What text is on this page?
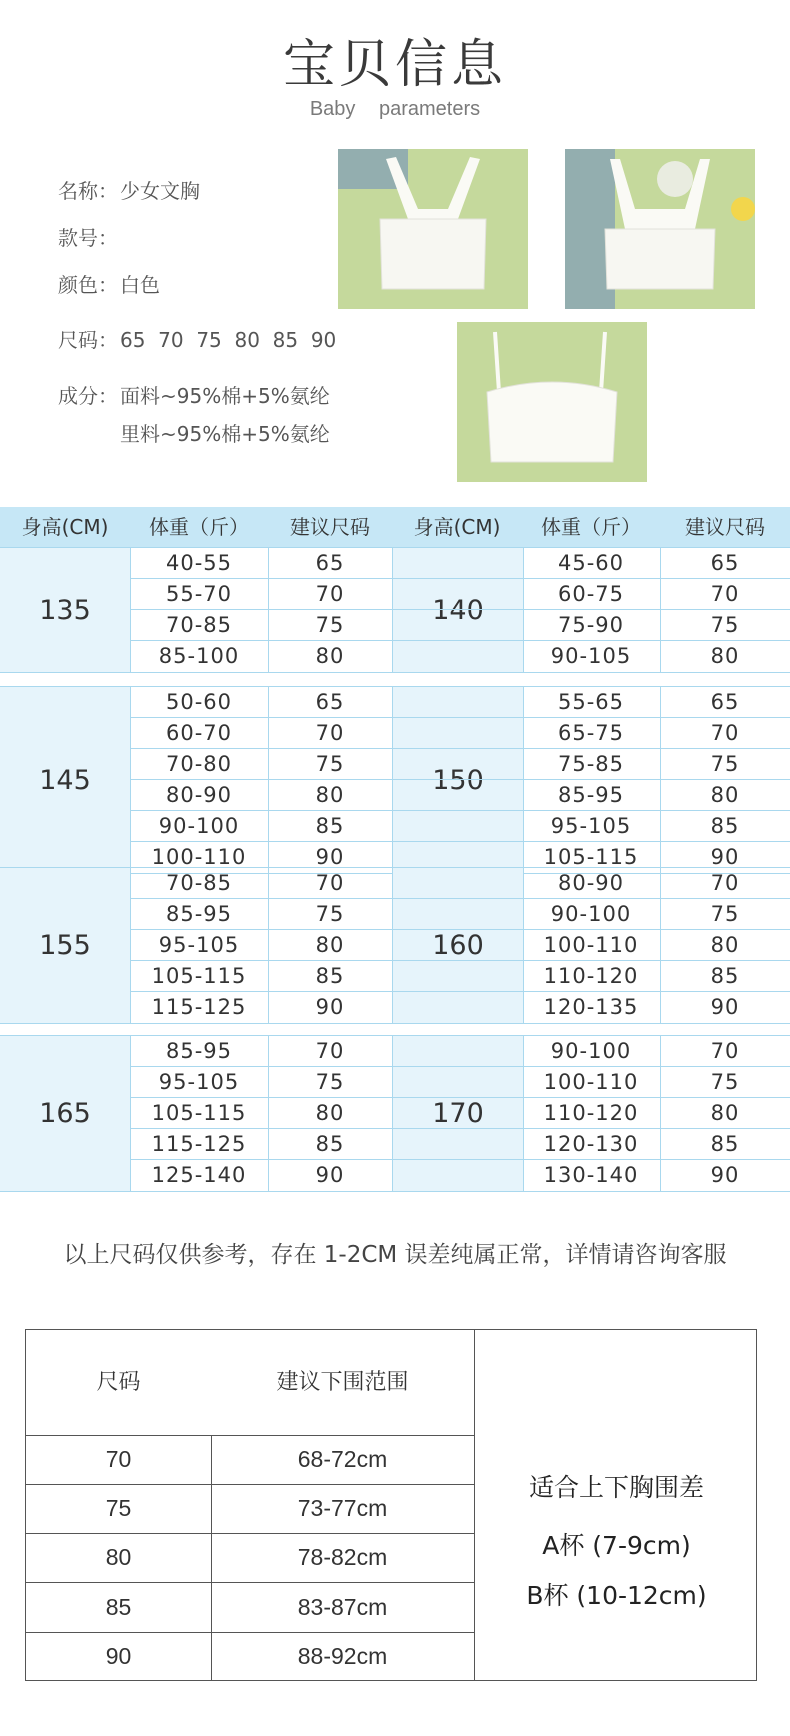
宝贝信息
Baby parameters
名称： 少女文胸
款号：
颜色： 白色
尺码： 65  70  75  80  85  90
成分： 面料~95%棉+5%氨纶
里料~95%棉+5%氨纶
身高(CM)	体重（斤）	建议尺码	身高(CM)	体重（斤）	建议尺码
135	140
40-55	65	45-60	65
55-70	70	60-75	70
70-85	75	75-90	75
85-100	80	90-105	80
145	150
50-60	65	55-65	65
60-70	70	65-75	70
70-80	75	75-85	75
80-90	80	85-95	80
90-100	85	95-105	85
100-110	90	105-115	90
155	160
70-85	70	80-90	70
85-95	75	90-100	75
95-105	80	100-110	80
105-115	85	110-120	85
115-125	90	120-135	90
165	170
85-95	70	90-100	70
95-105	75	100-110	75
105-115	80	110-120	80
115-125	85	120-130	85
125-140	90	130-140	90
以上尺码仅供参考，存在 1-2CM 误差纯属正常，详情请咨询客服
尺码	建议下围范围
70	68-72cm
75	73-77cm
80	78-82cm
85	83-87cm
90	88-92cm
适合上下胸围差
A杯 (7-9cm)
B杯 (10-12cm)
